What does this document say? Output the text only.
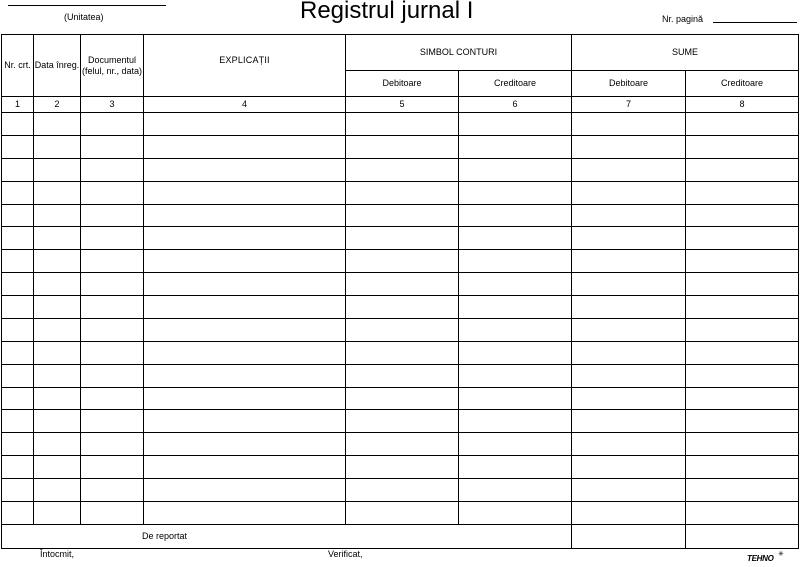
(Unitatea)	Registrul jurnal I	Nr. pagină
Nr. crt.	Data înreg.	Documentul (felul, nr., data)	EXPLICAȚII	SIMBOL CONTURI		SUME	
				Debitoare	Creditoare	Debitoare	Creditoare
1	2	3	4	5	6	7	8

De reportat							
Întocmit,	Verificat,	TEHNO ✳
